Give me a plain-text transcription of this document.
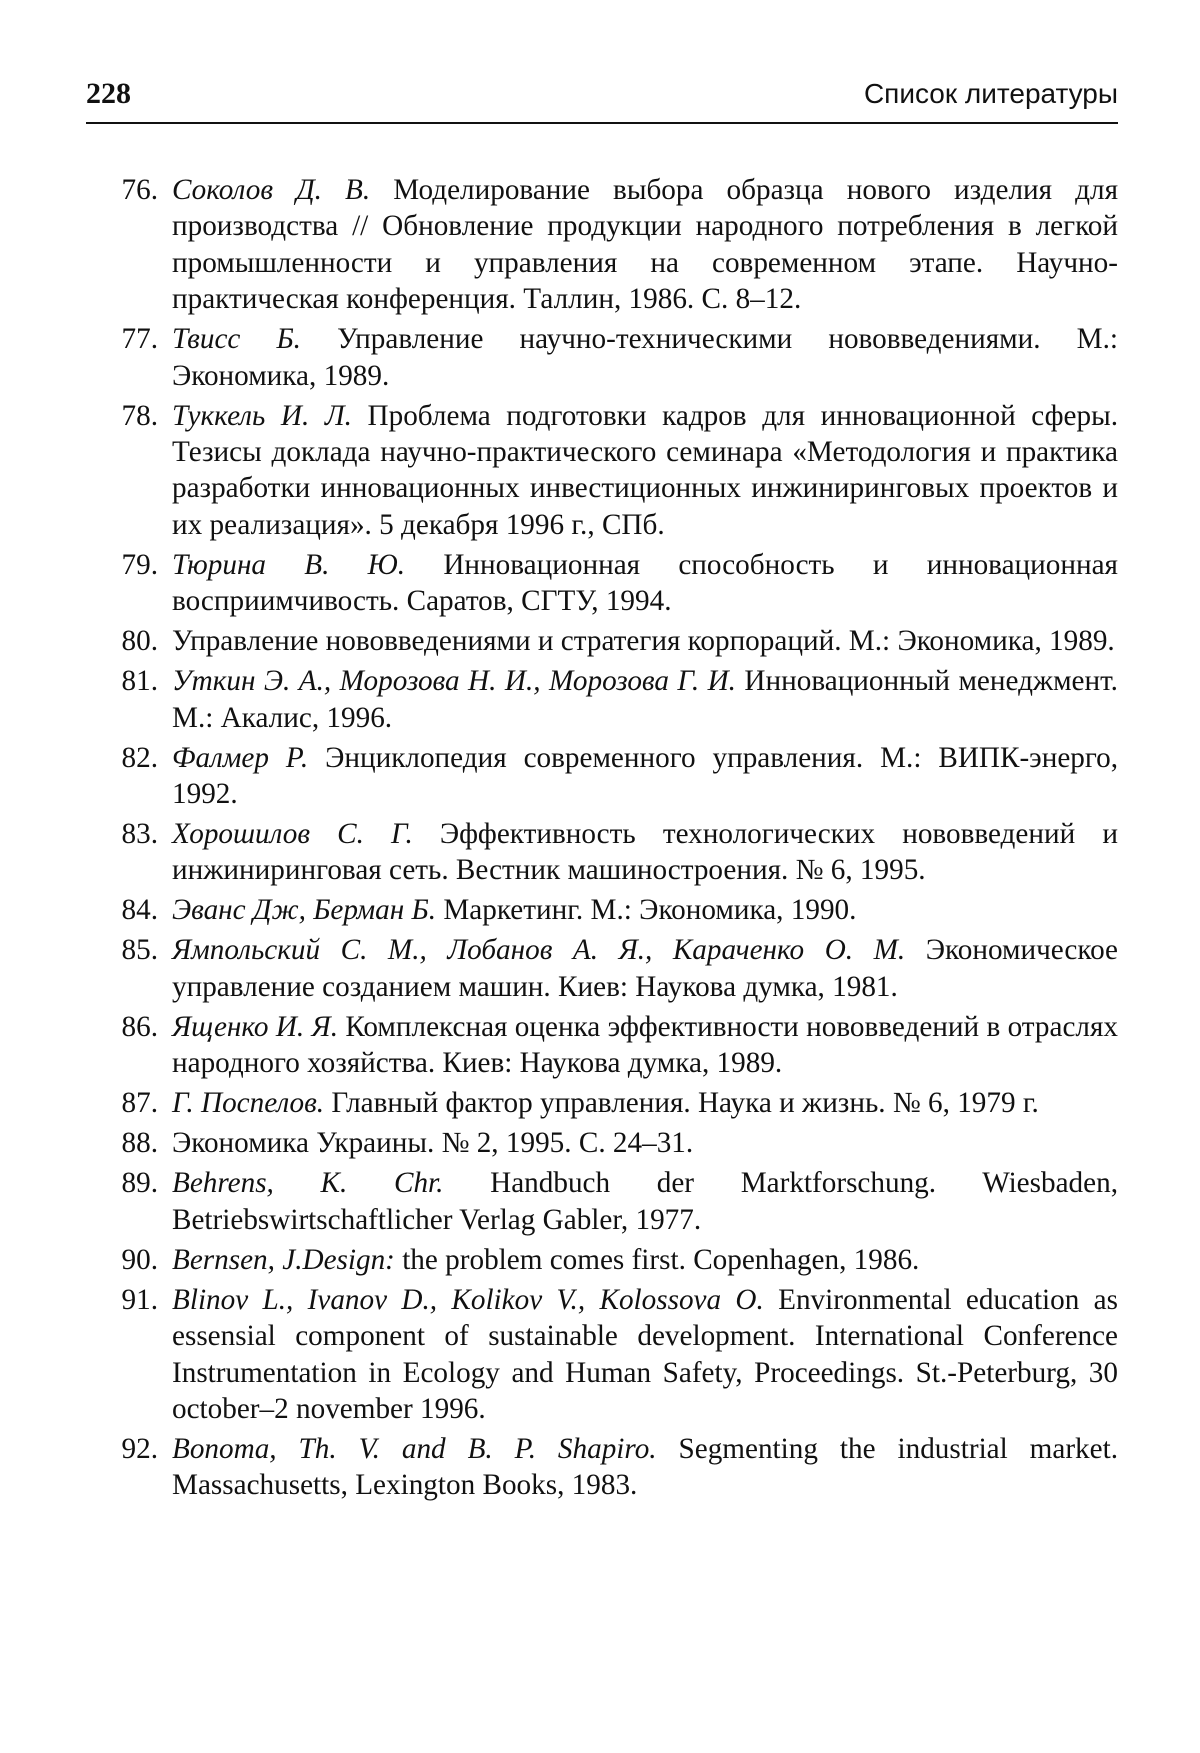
228	Список литературы
76. Соколов Д. В. Моделирование выбора образца нового изделия для производства // Обновление продукции народного потребления в легкой промышленности и управления на современном этапе. Научно-практическая конференция. Таллин, 1986. С. 8–12.
77. Твисс Б. Управление научно-техническими нововведениями. М.: Экономика, 1989.
78. Туккель И. Л. Проблема подготовки кадров для инновационной сферы. Тезисы доклада научно-практического семинара «Методология и практика разработки инновационных инвестиционных инжиниринговых проектов и их реализация». 5 декабря 1996 г., СПб.
79. Тюрина В. Ю. Инновационная способность и инновационная восприимчивость. Саратов, СГТУ, 1994.
80. Управление нововведениями и стратегия корпораций. М.: Экономика, 1989.
81. Уткин Э. А., Морозова Н. И., Морозова Г. И. Инновационный менеджмент. М.: Акалис, 1996.
82. Фалмер Р. Энциклопедия современного управления. М.: ВИПК-энерго, 1992.
83. Хорошилов С. Г. Эффективность технологических нововведений и инжиниринговая сеть. Вестник машиностроения. № 6, 1995.
84. Эванс Дж, Берман Б. Маркетинг. М.: Экономика, 1990.
85. Ямпольский С. М., Лобанов А. Я., Караченко О. М. Экономическое управление созданием машин. Киев: Наукова думка, 1981.
86. Ященко И. Я. Комплексная оценка эффективности нововведений в отраслях народного хозяйства. Киев: Наукова думка, 1989.
87. Г. Поспелов. Главный фактор управления. Наука и жизнь. № 6, 1979 г.
88. Экономика Украины. № 2, 1995. С. 24–31.
89. Behrens, K. Chr. Handbuch der Marktforschung. Wiesbaden, Betriebswirtschaftlicher Verlag Gabler, 1977.
90. Bernsen, J.Design: the problem comes first. Copenhagen, 1986.
91. Blinov L., Ivanov D., Kolikov V., Kolossova O. Environmental education as essensial component of sustainable development. International Conference Instrumentation in Ecology and Human Safety, Proceedings. St.-Peterburg, 30 october–2 november 1996.
92. Bonoma, Th. V. and B. P. Shapiro. Segmenting the industrial market. Massachusetts, Lexington Books, 1983.
